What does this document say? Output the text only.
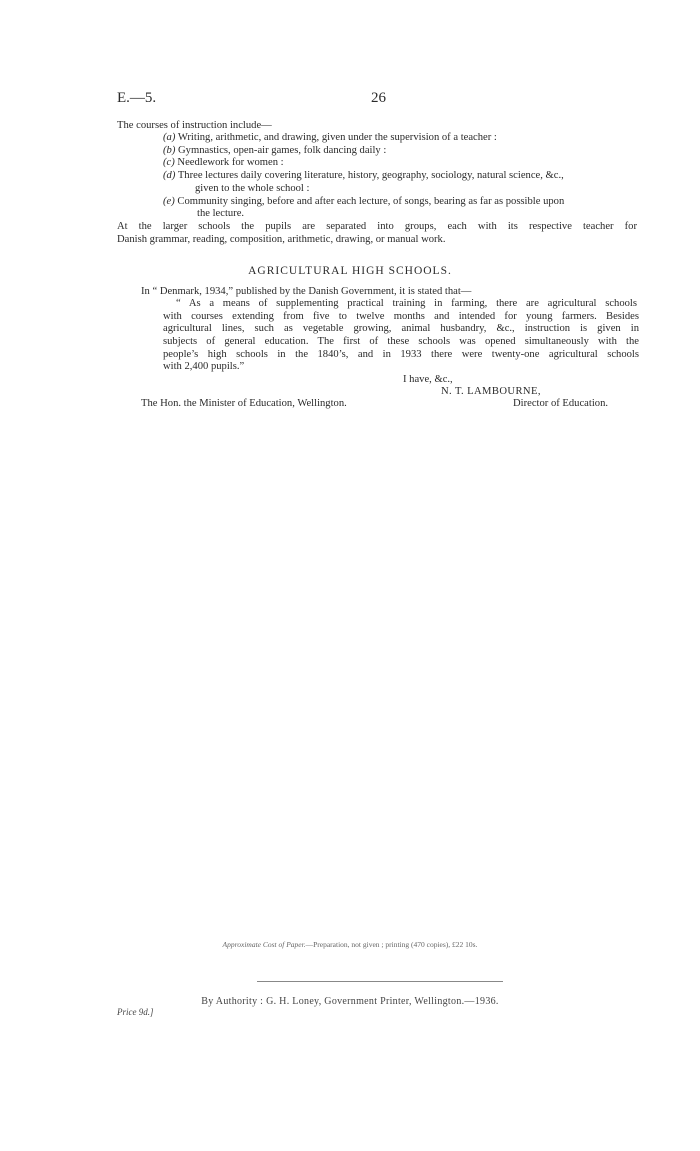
E.—5.	26
The courses of instruction include—
(a) Writing, arithmetic, and drawing, given under the supervision of a teacher :
(b) Gymnastics, open-air games, folk dancing daily :
(c) Needlework for women :
(d) Three lectures daily covering literature, history, geography, sociology, natural science, &c.,
given to the whole school :
(e) Community singing, before and after each lecture, of songs, bearing as far as possible upon
the lecture.
At the larger schools the pupils are separated into groups, each with its respective teacher for
Danish grammar, reading, composition, arithmetic, drawing, or manual work.
AGRICULTURAL HIGH SCHOOLS.
In “ Denmark, 1934,” published by the Danish Government, it is stated that—
“ As a means of supplementing practical training in farming, there are agricultural schools
with courses extending from five to twelve months and intended for young farmers. Besides
agricultural lines, such as vegetable growing, animal husbandry, &c., instruction is given in
subjects of general education. The first of these schools was opened simultaneously with the
people’s high schools in the 1840’s, and in 1933 there were twenty-one agricultural schools
with 2,400 pupils.”
I have, &c.,
N. T. LAMBOURNE,
The Hon. the Minister of Education, Wellington.	Director of Education.
Approximate Cost of Paper.—Preparation, not given ; printing (470 copies), £22 10s.
By Authority : G. H. Loney, Government Printer, Wellington.—1936.
Price 9d.]
